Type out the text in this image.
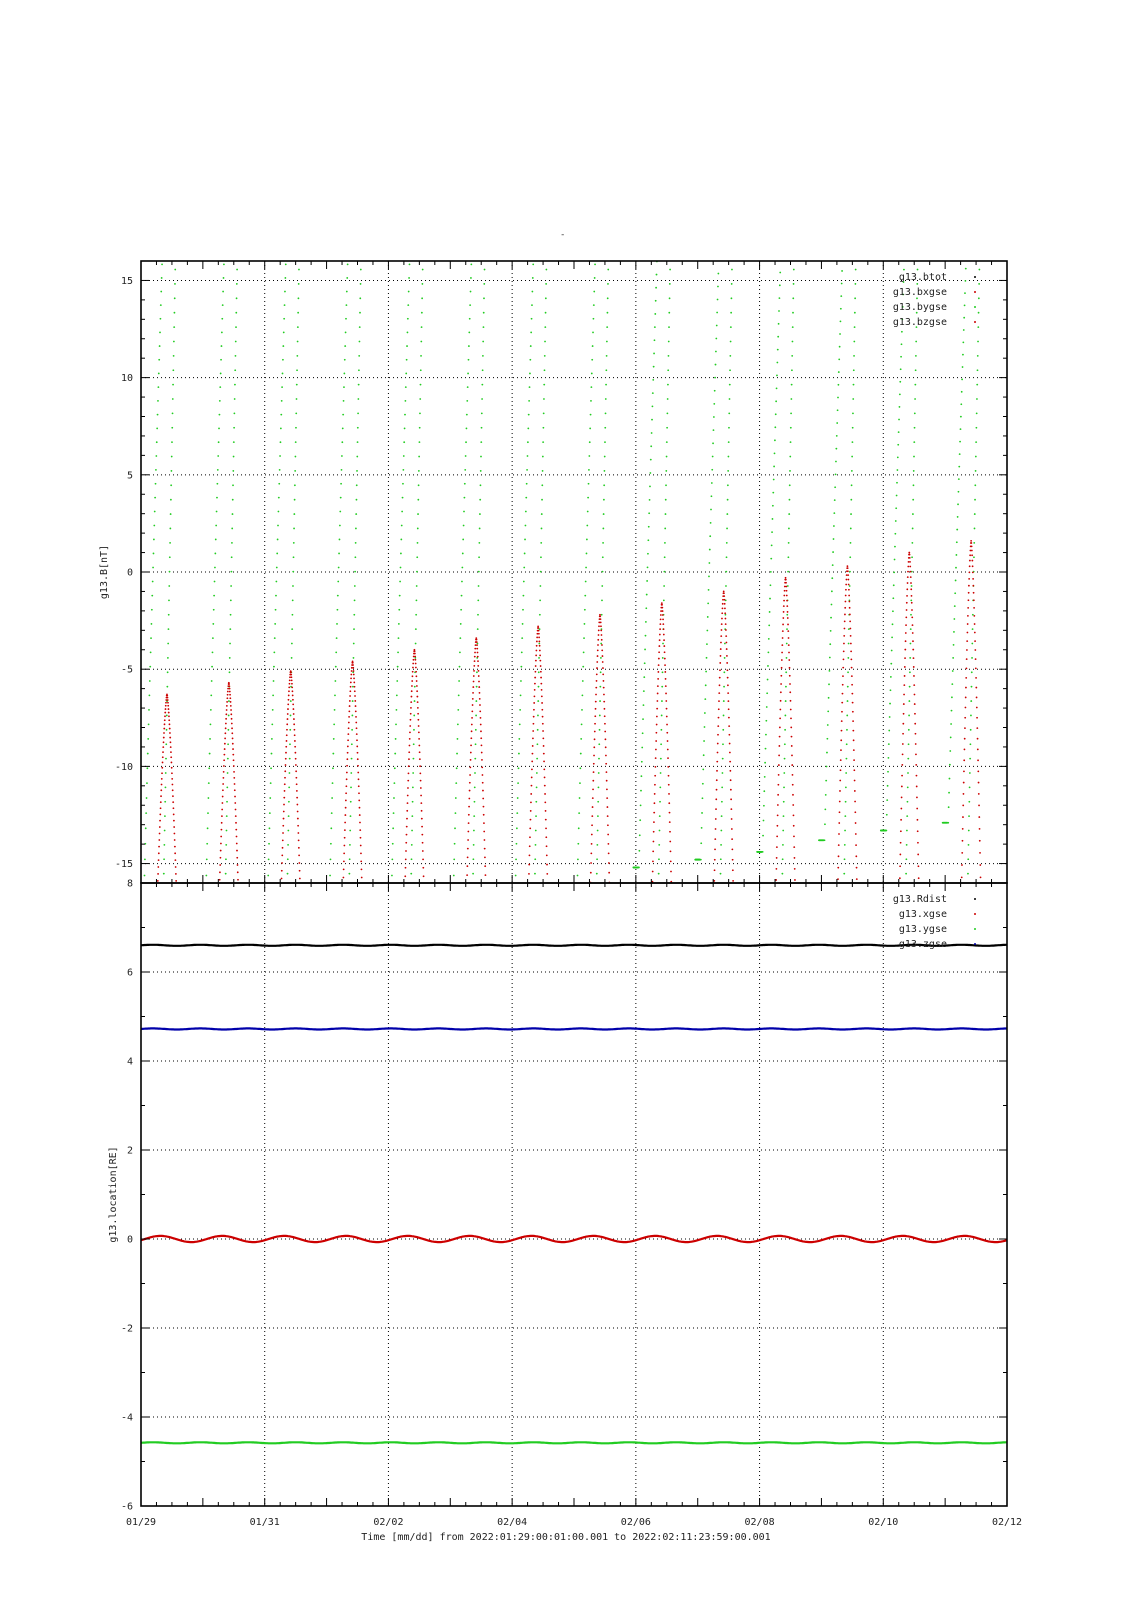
-
-15
-10
-5
0
5
10
15
g13.B[nT]
-6
-4
-2
0
2
4
6
8
g13.location[RE]
01/29	01/31	02/02	02/04	02/06	02/08	02/10	02/12
Time [mm/dd] from 2022:01:29:00:01:00.001 to 2022:02:11:23:59:00.001
g13.btot
g13.bxgse
g13.bygse
g13.bzgse
g13.Rdist
g13.xgse
g13.ygse
g13.zgse
